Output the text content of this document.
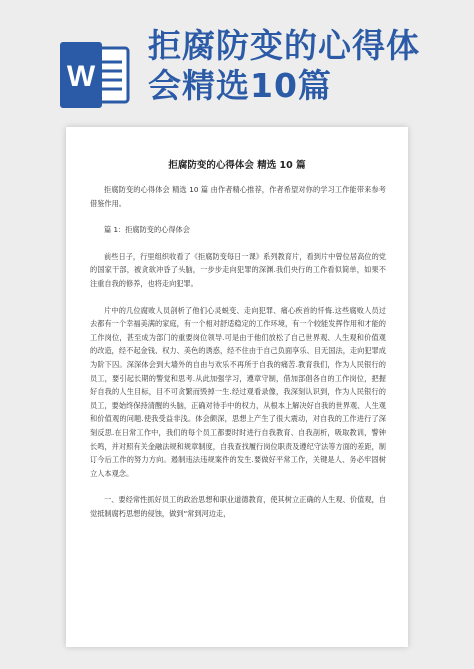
W
拒腐防变的心得体
会精选10篇
拒腐防变的心得体会 精选 10 篇

拒腐防变的心得体会 精选 10 篇 由作者精心推荐，作者希望对你的学习工作能带来参考借鉴作用。

篇 1：拒腐防变的心得体会

前些日子，行里组织收看了《拒腐防变每日一课》系列教育片，看到片中曾位居高位的党的国家干部，被贪欲冲昏了头脑，一步步走向犯罪的深渊.我们央行的工作看似简单，如果不注重自我的修养，也将走向犯罪。

片中的几位腐败人员剖析了他们心灵蜕变、走向犯罪、痛心疾首的忏悔.这些腐败人员过去都有一个幸福美满的家庭，有一个相对舒适稳定的工作环境，有一个较能发挥作用和才能的工作岗位，甚至成为部门的重要岗位领导.可是由于他们放松了自己世界观、人生观和价值观的改造，经不起金钱、权力、美色的诱惑，经不住由于自己负面享乐、目无国法，走向犯罪成为阶下囚。深深体会到大墙外的自由与欢乐不再所于自我的痛苦.教育我们，作为人民银行的员工，要引起长期的警觉和思考.从此加强学习，遵章守制，借加部倡各自的工作岗位，把握好自我的人生目标，目不可贪繁而毁掉一生.经过观看录像，我深刻认识到，作为人民银行的员工，要始终保持清醒的头脑，正确对待手中的权力，从根本上解决好自我的世界观、人生观和价值观的问题.使我受益非浅。体会颇深，思想上产生了很大震动，对自我的工作进行了深刻反思.在日常工作中，我们的每个员工都要时时进行自我教育、自我剖析，吸取教训，警钟长鸣，并对照有关金融法规和规章制度，自我查找履行岗位职责及遵纪守法等方面的差距，制订今后工作的努力方向。遏制违法违规案件的发生.要做好平常工作，关键是人、务必牢固树立人本观念。

一、要经常性抓好员工的政治思想和职业道德教育，使其树立正确的人生观、价值观，自觉抵制腐朽思想的侵蚀，做到“常到河边走，
